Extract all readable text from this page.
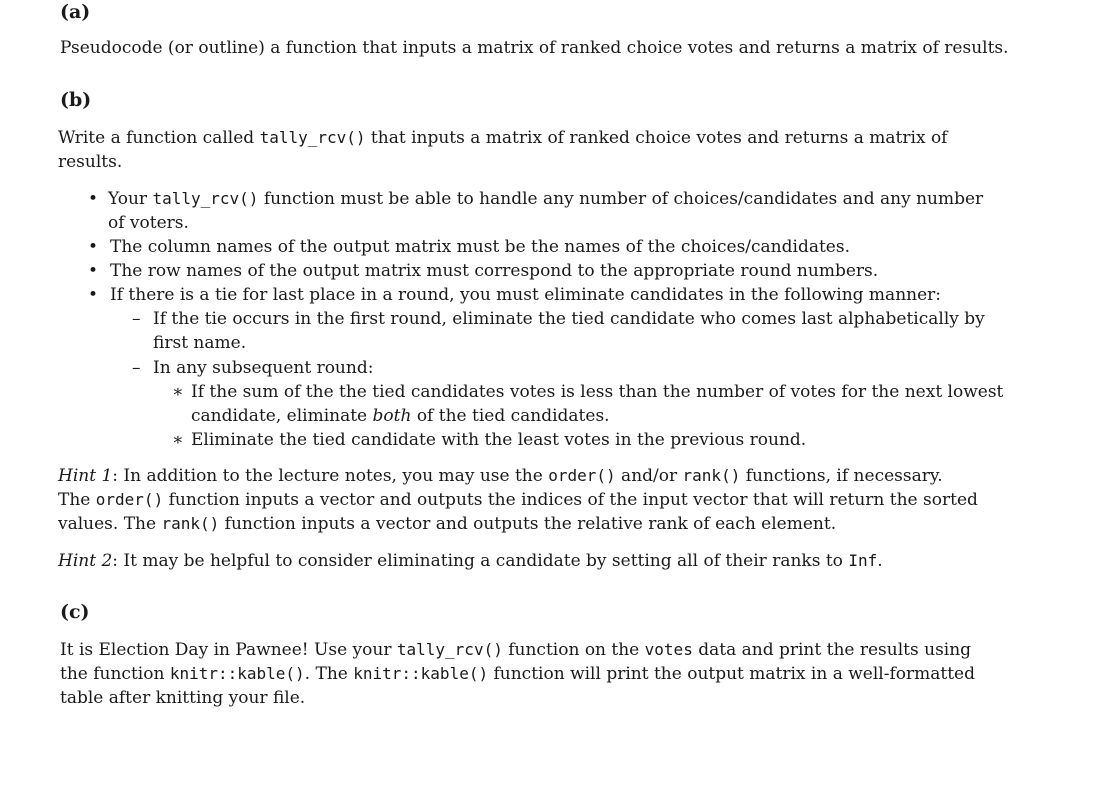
(a)
Pseudocode (or outline) a function that inputs a matrix of ranked choice votes and returns a matrix of results.
(b)
Write a function called tally_rcv() that inputs a matrix of ranked choice votes and returns a matrix of
results.
• Your tally_rcv() function must be able to handle any number of choices/candidates and any number
of voters.
• The column names of the output matrix must be the names of the choices/candidates.
• The row names of the output matrix must correspond to the appropriate round numbers.
• If there is a tie for last place in a round, you must eliminate candidates in the following manner:
– If the tie occurs in the first round, eliminate the tied candidate who comes last alphabetically by
first name.
– In any subsequent round:
∗ If the sum of the the tied candidates votes is less than the number of votes for the next lowest
candidate, eliminate both of the tied candidates.
∗ Eliminate the tied candidate with the least votes in the previous round.
Hint 1: In addition to the lecture notes, you may use the order() and/or rank() functions, if necessary.
The order() function inputs a vector and outputs the indices of the input vector that will return the sorted
values. The rank() function inputs a vector and outputs the relative rank of each element.
Hint 2: It may be helpful to consider eliminating a candidate by setting all of their ranks to Inf.
(c)
It is Election Day in Pawnee! Use your tally_rcv() function on the votes data and print the results using
the function knitr::kable(). The knitr::kable() function will print the output matrix in a well-formatted
table after knitting your file.
